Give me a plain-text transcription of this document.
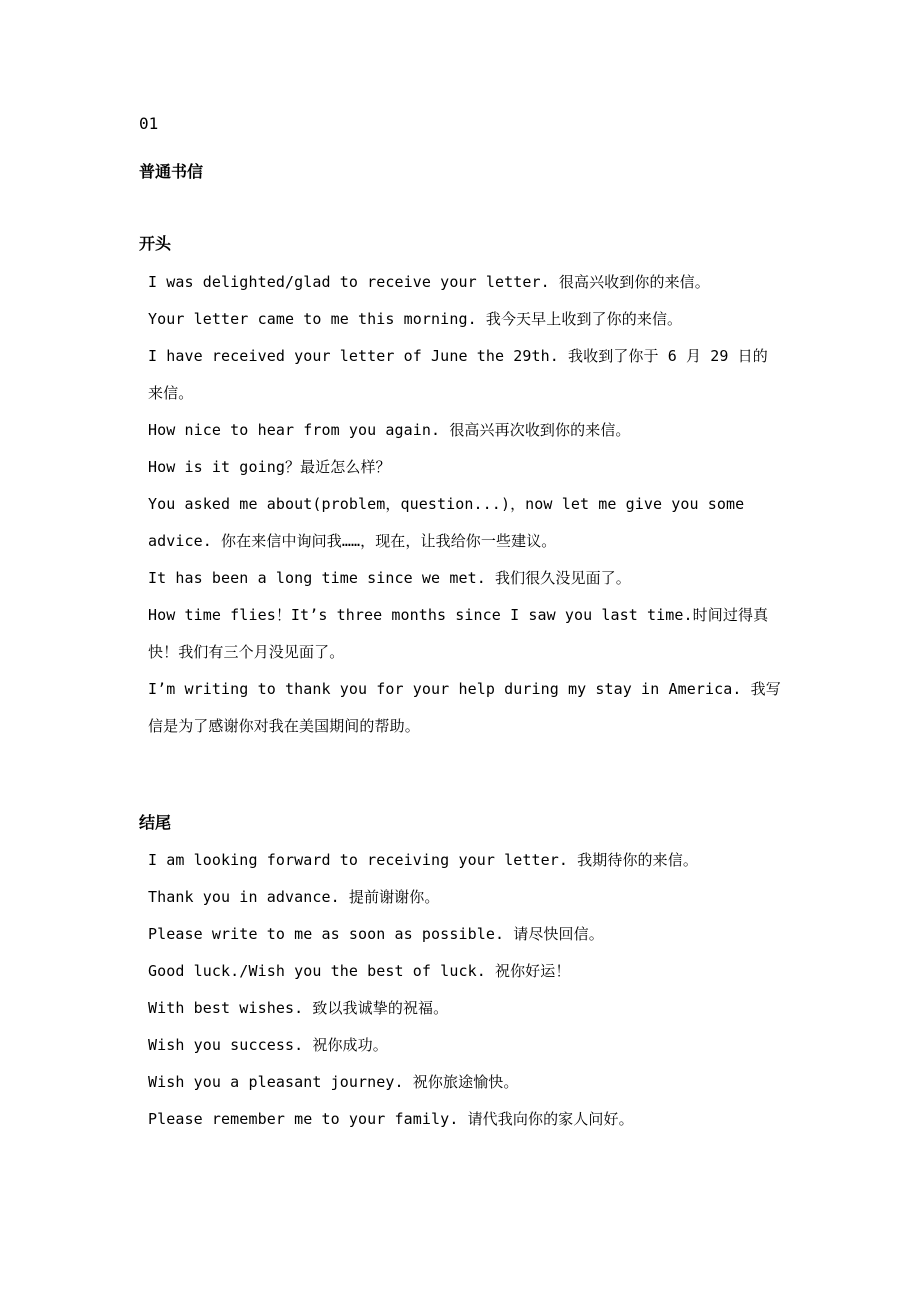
01
普通书信
开头
I was delighted/glad to receive your letter. 很高兴收到你的来信。
Your letter came to me this morning. 我今天早上收到了你的来信。
I have received your letter of June the 29th. 我收到了你于 6 月 29 日的
来信。
How nice to hear from you again. 很高兴再次收到你的来信。
How is it going？最近怎么样？
You asked me about(problem，question...)，now let me give you some
advice. 你在来信中询问我……，现在，让我给你一些建议。
It has been a long time since we met. 我们很久没见面了。
How time flies！It’s three months since I saw you last time.时间过得真
快！我们有三个月没见面了。
I’m writing to thank you for your help during my stay in America. 我写
信是为了感谢你对我在美国期间的帮助。
结尾
I am looking forward to receiving your letter. 我期待你的来信。
Thank you in advance. 提前谢谢你。
Please write to me as soon as possible. 请尽快回信。
Good luck./Wish you the best of luck. 祝你好运！
With best wishes. 致以我诚挚的祝福。
Wish you success. 祝你成功。
Wish you a pleasant journey. 祝你旅途愉快。
Please remember me to your family. 请代我向你的家人问好。
